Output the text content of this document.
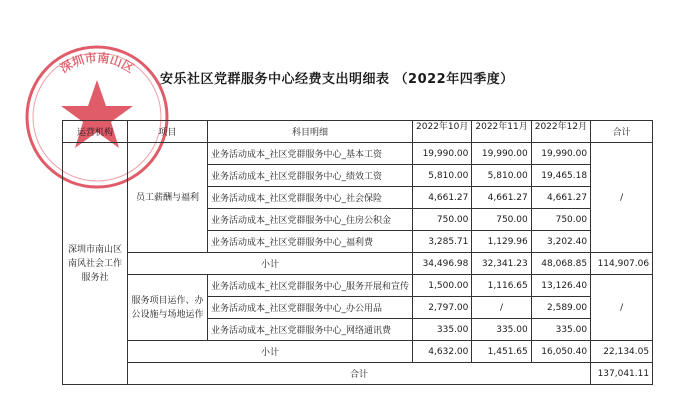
深圳市南山区
安乐社区党群服务中心经费支出明细表 （2022年四季度）
运营机构	项目	科目明细	2022年10月	2022年11月	2022年12月	合计
深圳市南山区南风社会工作服务社	员工薪酬与福利	业务活动成本_社区党群服务中心_基本工资	19,990.00	19,990.00	19,990.00	/
		业务活动成本_社区党群服务中心_绩效工资	5,810.00	5,810.00	19,465.18	
		业务活动成本_社区党群服务中心_社会保险	4,661.27	4,661.27	4,661.27	
		业务活动成本_社区党群服务中心_住房公积金	750.00	750.00	750.00	
		业务活动成本_社区党群服务中心_福利费	3,285.71	1,129.96	3,202.40	
	小计		34,496.98	32,341.23	48,068.85	114,907.06
	服务项目运作、办公设施与场地运作	业务活动成本_社区党群服务中心_服务开展和宣传	1,500.00	1,116.65	13,126.40	/
		业务活动成本_社区党群服务中心_办公用品	2,797.00	/	2,589.00	
		业务活动成本_社区党群服务中心_网络通讯费	335.00	335.00	335.00	
	小计		4,632.00	1,451.65	16,050.40	22,134.05
	合计					137,041.11
